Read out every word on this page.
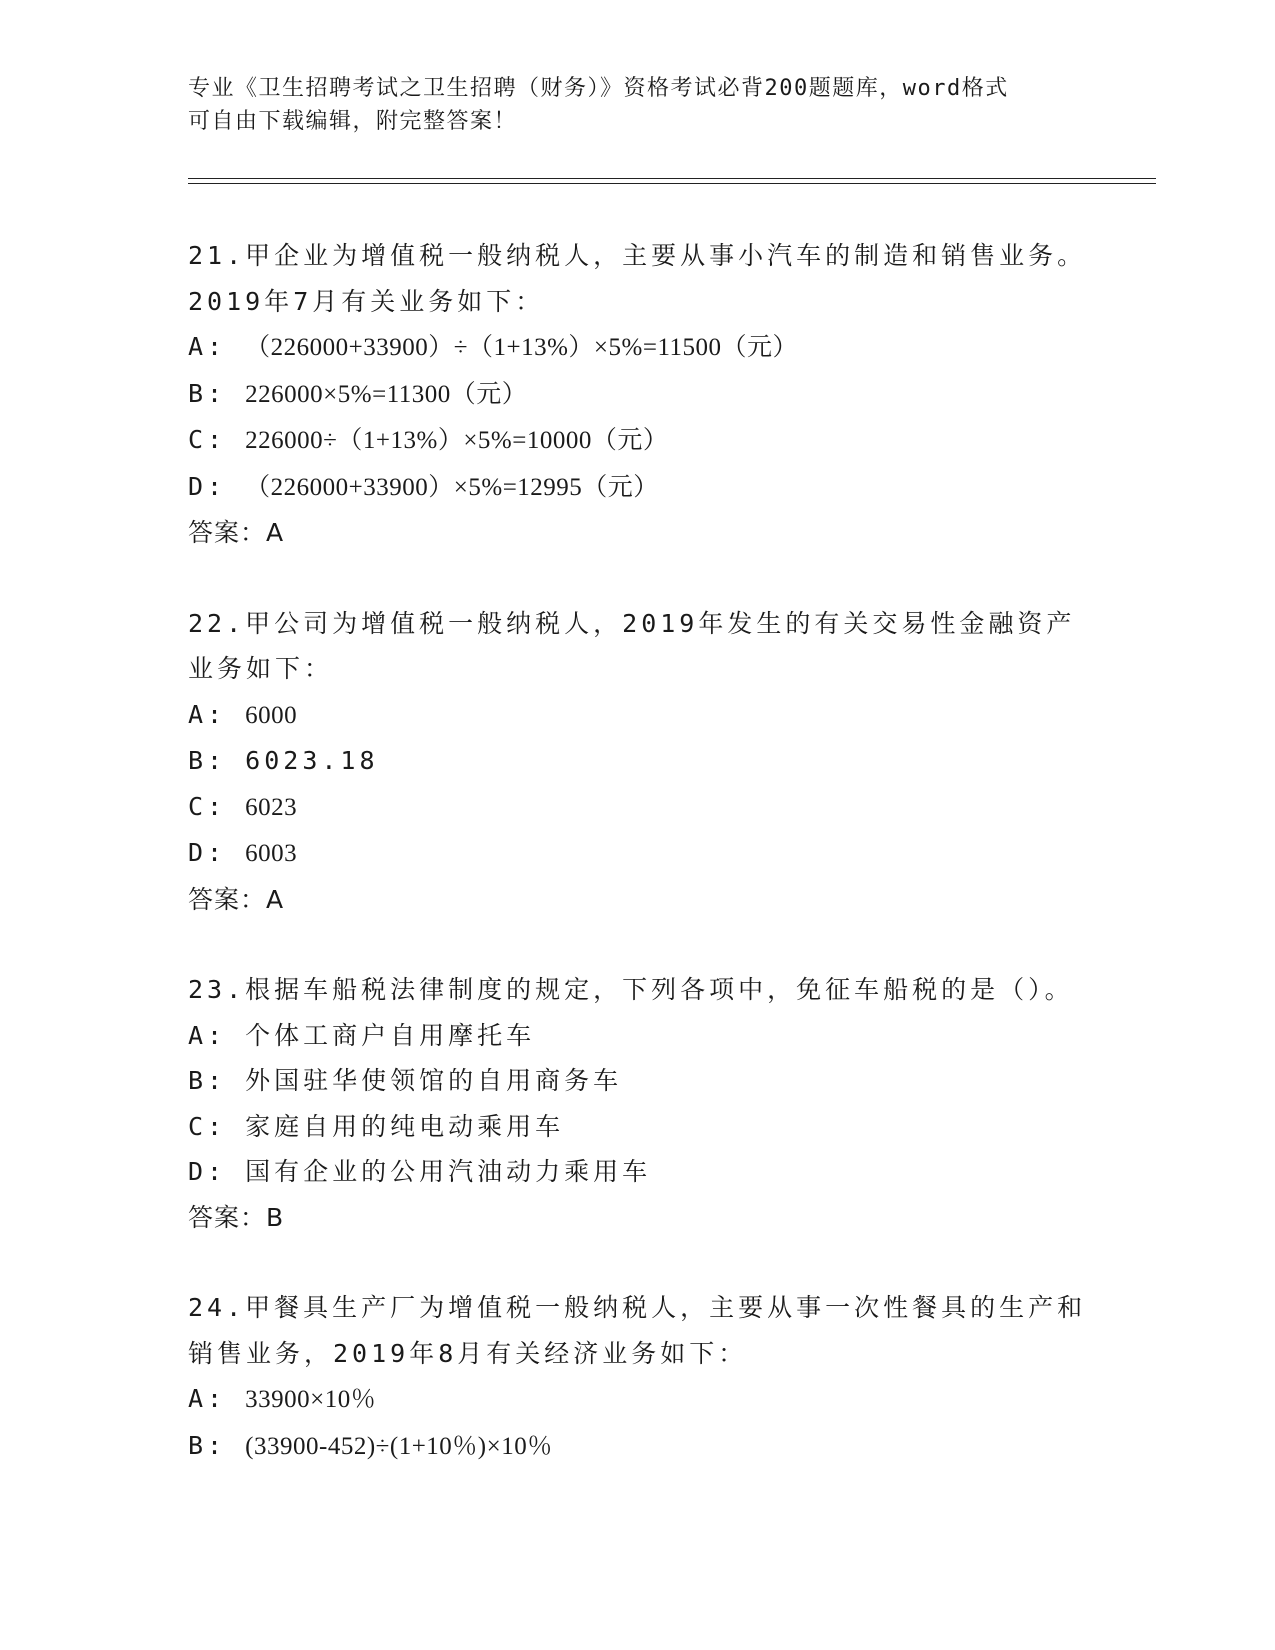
专业《卫生招聘考试之卫生招聘（财务）》资格考试必背200题题库，word格式
可自由下载编辑，附完整答案！
21.甲企业为增值税一般纳税人，主要从事小汽车的制造和销售业务。2019年7月有关业务如下：
A: （226000+33900）÷（1+13%）×5%=11500（元）
B: 226000×5%=11300（元）
C: 226000÷（1+13%）×5%=10000（元）
D: （226000+33900）×5%=12995（元）
答案：A
22.甲公司为增值税一般纳税人，2019年发生的有关交易性金融资产业务如下：
A: 6000
B: 6023.18
C: 6023
D: 6003
答案：A
23.根据车船税法律制度的规定，下列各项中，免征车船税的是（）。
A: 个体工商户自用摩托车
B: 外国驻华使领馆的自用商务车
C: 家庭自用的纯电动乘用车
D: 国有企业的公用汽油动力乘用车
答案：B
24.甲餐具生产厂为增值税一般纳税人，主要从事一次性餐具的生产和销售业务，2019年8月有关经济业务如下：
A: 33900×10％
B: (33900-452)÷(1+10％)×10％
